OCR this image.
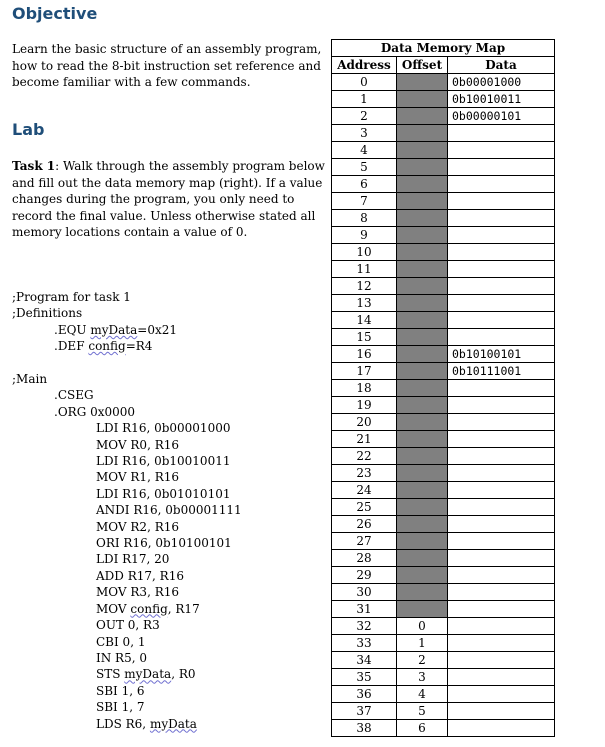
Objective
Learn the basic structure of an assembly program, how to read the 8-bit instruction set reference and become familiar with a few commands.
Lab
Task 1: Walk through the assembly program below and fill out the data memory map (right). If a value changes during the program, you only need to record the final value. Unless otherwise stated all memory locations contain a value of 0.
;Program for task 1
;Definitions
.EQU myData=0x21
.DEF config=R4
;Main
.CSEG
.ORG 0x0000
LDI R16, 0b00001000
MOV R0, R16
LDI R16, 0b10010011
MOV R1, R16
LDI R16, 0b01010101
ANDI R16, 0b00001111
MOV R2, R16
ORI R16, 0b10100101
LDI R17, 20
ADD R17, R16
MOV R3, R16
MOV config, R17
OUT 0, R3
CBI 0, 1
IN R5, 0
STS myData, R0
SBI 1, 6
SBI 1, 7
LDS R6, myData
Data Memory Map		
Address	Offset	Data
0		0b00001000
1		0b10010011
2		0b00000101
3		
4		
5		
6		
7		
8		
9		
10		
11		
12		
13		
14		
15		
16		0b10100101
17		0b10111001
18		
19		
20		
21		
22		
23		
24		
25		
26		
27		
28		
29		
30		
31		
32	0	
33	1	
34	2	
35	3	
36	4	
37	5	
38	6	
